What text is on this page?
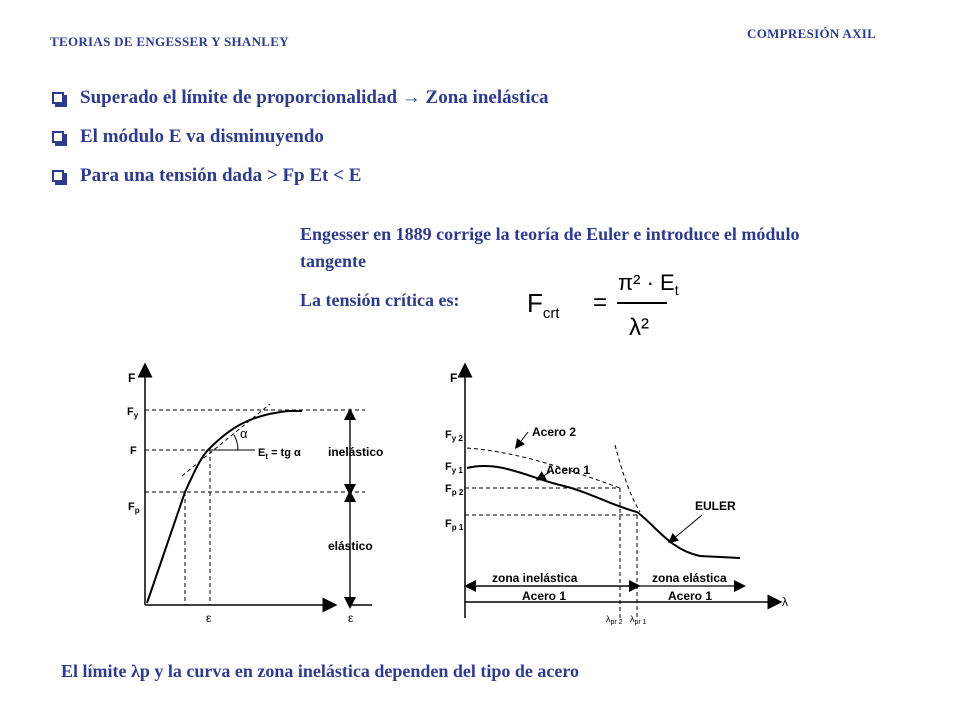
TEORIAS DE ENGESSER Y SHANLEY
COMPRESIÓN AXIL
Superado el límite de proporcionalidad → Zona inelástica
El módulo E va disminuyendo
Para una tensión dada > Fp Et < E
Engesser en 1889 corrige la teoría de Euler e introduce el módulo tangente
La tensión crítica es:	$F_{crt}$ =
$\pi^2 \cdot E_t$
λ²
F
$F_y$
F
$F_p$
α
$E_t$ = tg α inelástico
elástico
ε	ε
F
$F_{y 2}$
$F_{y 1}$
$F_{p 2}$
$F_{p 1}$
Acero 2
Acero 1
EULER
zona inelástica	zona elástica
Acero 1	Acero 1	λ
$\lambda_{pr 2}$ $\lambda_{pr 1}$
El límite λp y la curva en zona inelástica dependen del tipo de acero
